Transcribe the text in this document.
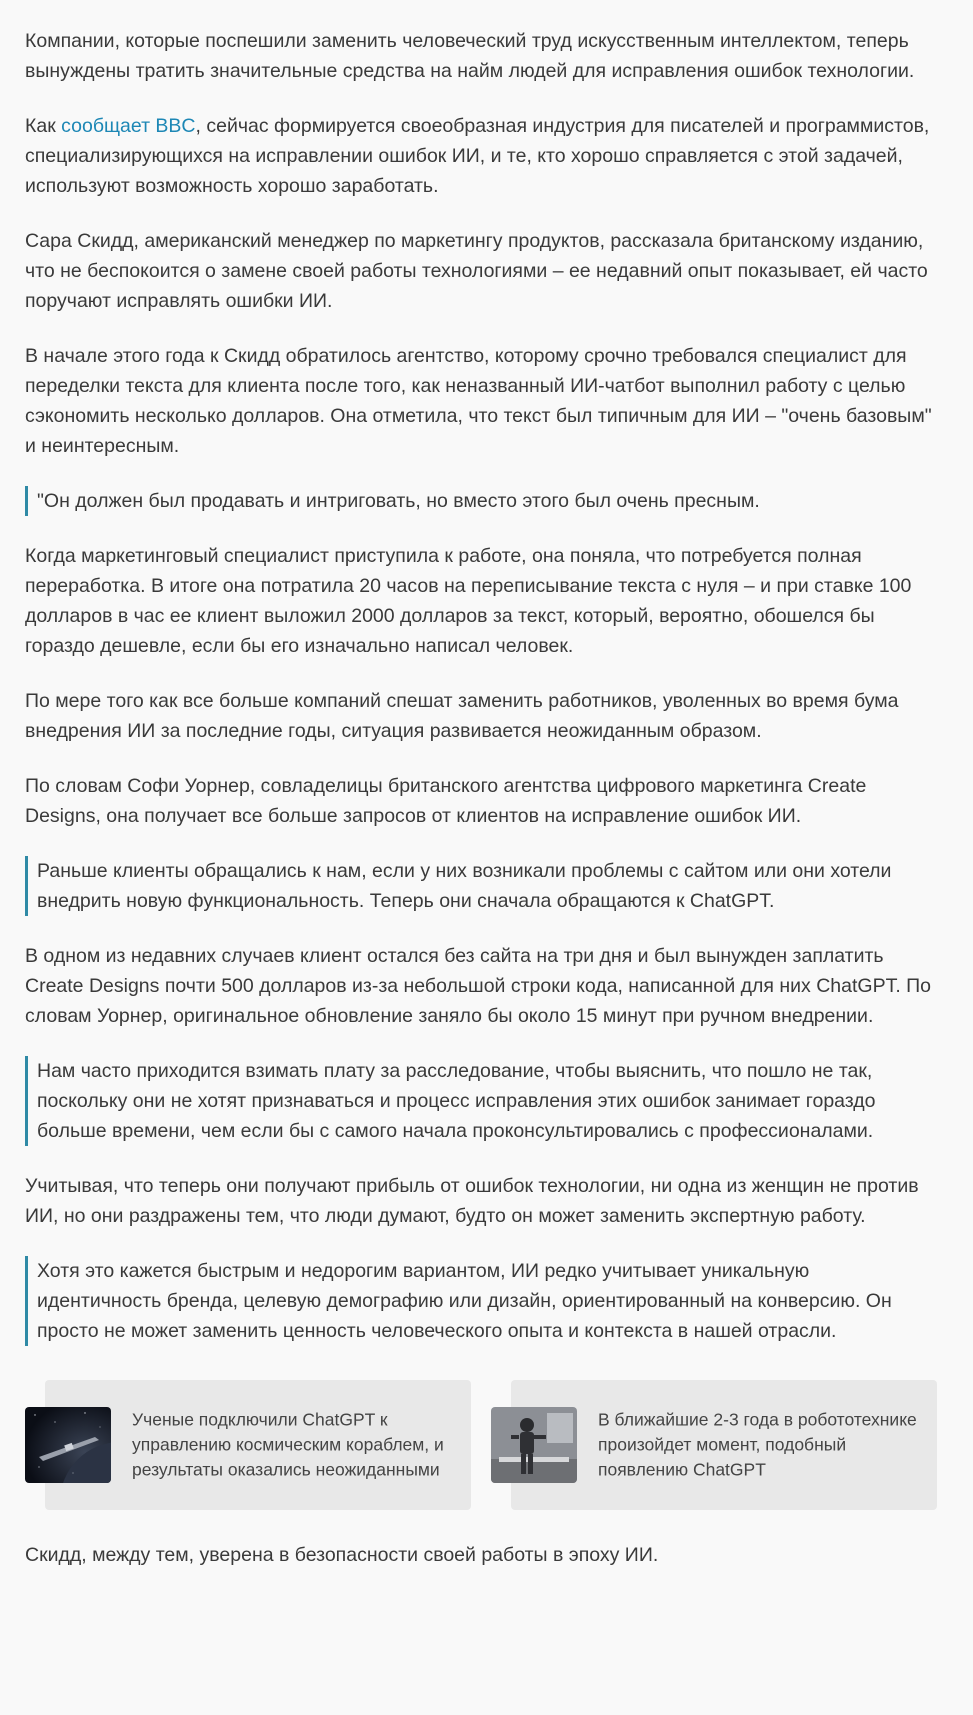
Компании, которые поспешили заменить человеческий труд искусственным интеллектом, теперь вынуждены тратить значительные средства на найм людей для исправления ошибок технологии.

Как сообщает BBC, сейчас формируется своеобразная индустрия для писателей и программистов, специализирующихся на исправлении ошибок ИИ, и те, кто хорошо справляется с этой задачей, используют возможность хорошо заработать.

Сара Скидд, американский менеджер по маркетингу продуктов, рассказала британскому изданию, что не беспокоится о замене своей работы технологиями – ее недавний опыт показывает, ей часто поручают исправлять ошибки ИИ.

В начале этого года к Скидд обратилось агентство, которому срочно требовался специалист для переделки текста для клиента после того, как неназванный ИИ-чатбот выполнил работу с целью сэкономить несколько долларов. Она отметила, что текст был типичным для ИИ – "очень базовым" и неинтересным.

"Он должен был продавать и интриговать, но вместо этого был очень пресным.

Когда маркетинговый специалист приступила к работе, она поняла, что потребуется полная переработка. В итоге она потратила 20 часов на переписывание текста с нуля – и при ставке 100 долларов в час ее клиент выложил 2000 долларов за текст, который, вероятно, обошелся бы гораздо дешевле, если бы его изначально написал человек.

По мере того как все больше компаний спешат заменить работников, уволенных во время бума внедрения ИИ за последние годы, ситуация развивается неожиданным образом.

По словам Софи Уорнер, совладелицы британского агентства цифрового маркетинга Create Designs, она получает все больше запросов от клиентов на исправление ошибок ИИ.

Раньше клиенты обращались к нам, если у них возникали проблемы с сайтом или они хотели внедрить новую функциональность. Теперь они сначала обращаются к ChatGPT.

В одном из недавних случаев клиент остался без сайта на три дня и был вынужден заплатить Create Designs почти 500 долларов из-за небольшой строки кода, написанной для них ChatGPT. По словам Уорнер, оригинальное обновление заняло бы около 15 минут при ручном внедрении.

Нам часто приходится взимать плату за расследование, чтобы выяснить, что пошло не так, поскольку они не хотят признаваться и процесс исправления этих ошибок занимает гораздо больше времени, чем если бы с самого начала проконсультировались с профессионалами.

Учитывая, что теперь они получают прибыль от ошибок технологии, ни одна из женщин не против ИИ, но они раздражены тем, что люди думают, будто он может заменить экспертную работу.

Хотя это кажется быстрым и недорогим вариантом, ИИ редко учитывает уникальную идентичность бренда, целевую демографию или дизайн, ориентированный на конверсию. Он просто не может заменить ценность человеческого опыта и контекста в нашей отрасли.
Ученые подключили ChatGPT к управлению космическим кораблем, и результаты оказались неожиданными
В ближайшие 2-3 года в робототехнике произойдет момент, подобный появлению ChatGPT

Скидд, между тем, уверена в безопасности своей работы в эпоху ИИ.
